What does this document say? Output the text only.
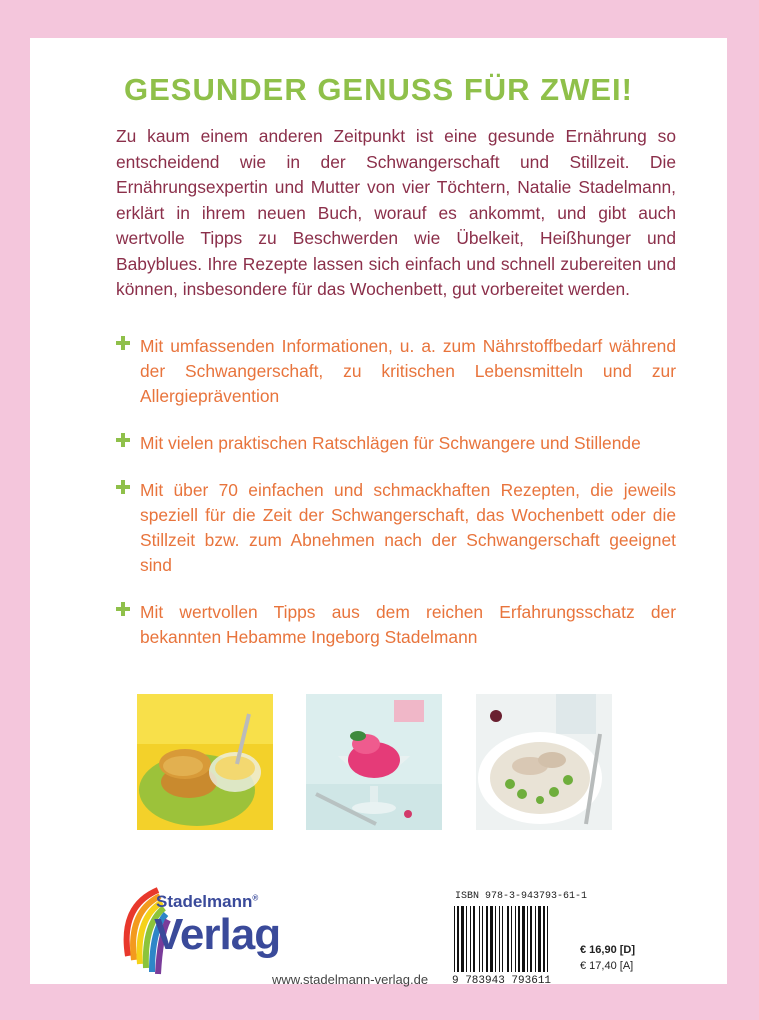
GESUNDER GENUSS FÜR ZWEI!

Zu kaum einem anderen Zeitpunkt ist eine gesunde Ernährung so entscheidend wie in der Schwangerschaft und Stillzeit. Die Ernährungsexpertin und Mutter von vier Töchtern, Natalie Stadelmann, erklärt in ihrem neuen Buch, worauf es ankommt, und gibt auch wertvolle Tipps zu Beschwerden wie Übelkeit, Heißhunger und Babyblues. Ihre Rezepte lassen sich einfach und schnell zubereiten und können, insbesondere für das Wochenbett, gut vorbereitet werden.

Mit umfassenden Informationen, u. a. zum Nährstoffbedarf während der Schwangerschaft, zu kritischen Lebensmitteln und zur Allergieprävention
Mit vielen praktischen Ratschlägen für Schwangere und Stillende
Mit über 70 einfachen und schmackhaften Rezepten, die jeweils speziell für die Zeit der Schwangerschaft, das Wochenbett oder die Stillzeit bzw. zum Abnehmen nach der Schwangerschaft geeignet sind
Mit wertvollen Tipps aus dem reichen Erfahrungsschatz der bekannten Hebamme Ingeborg Stadelmann
Stadelmann®
Verlag
www.stadelmann-verlag.de
ISBN 978-3-943793-61-1
9 783943 793611
€ 16,90 [D]
€ 17,40 [A]
